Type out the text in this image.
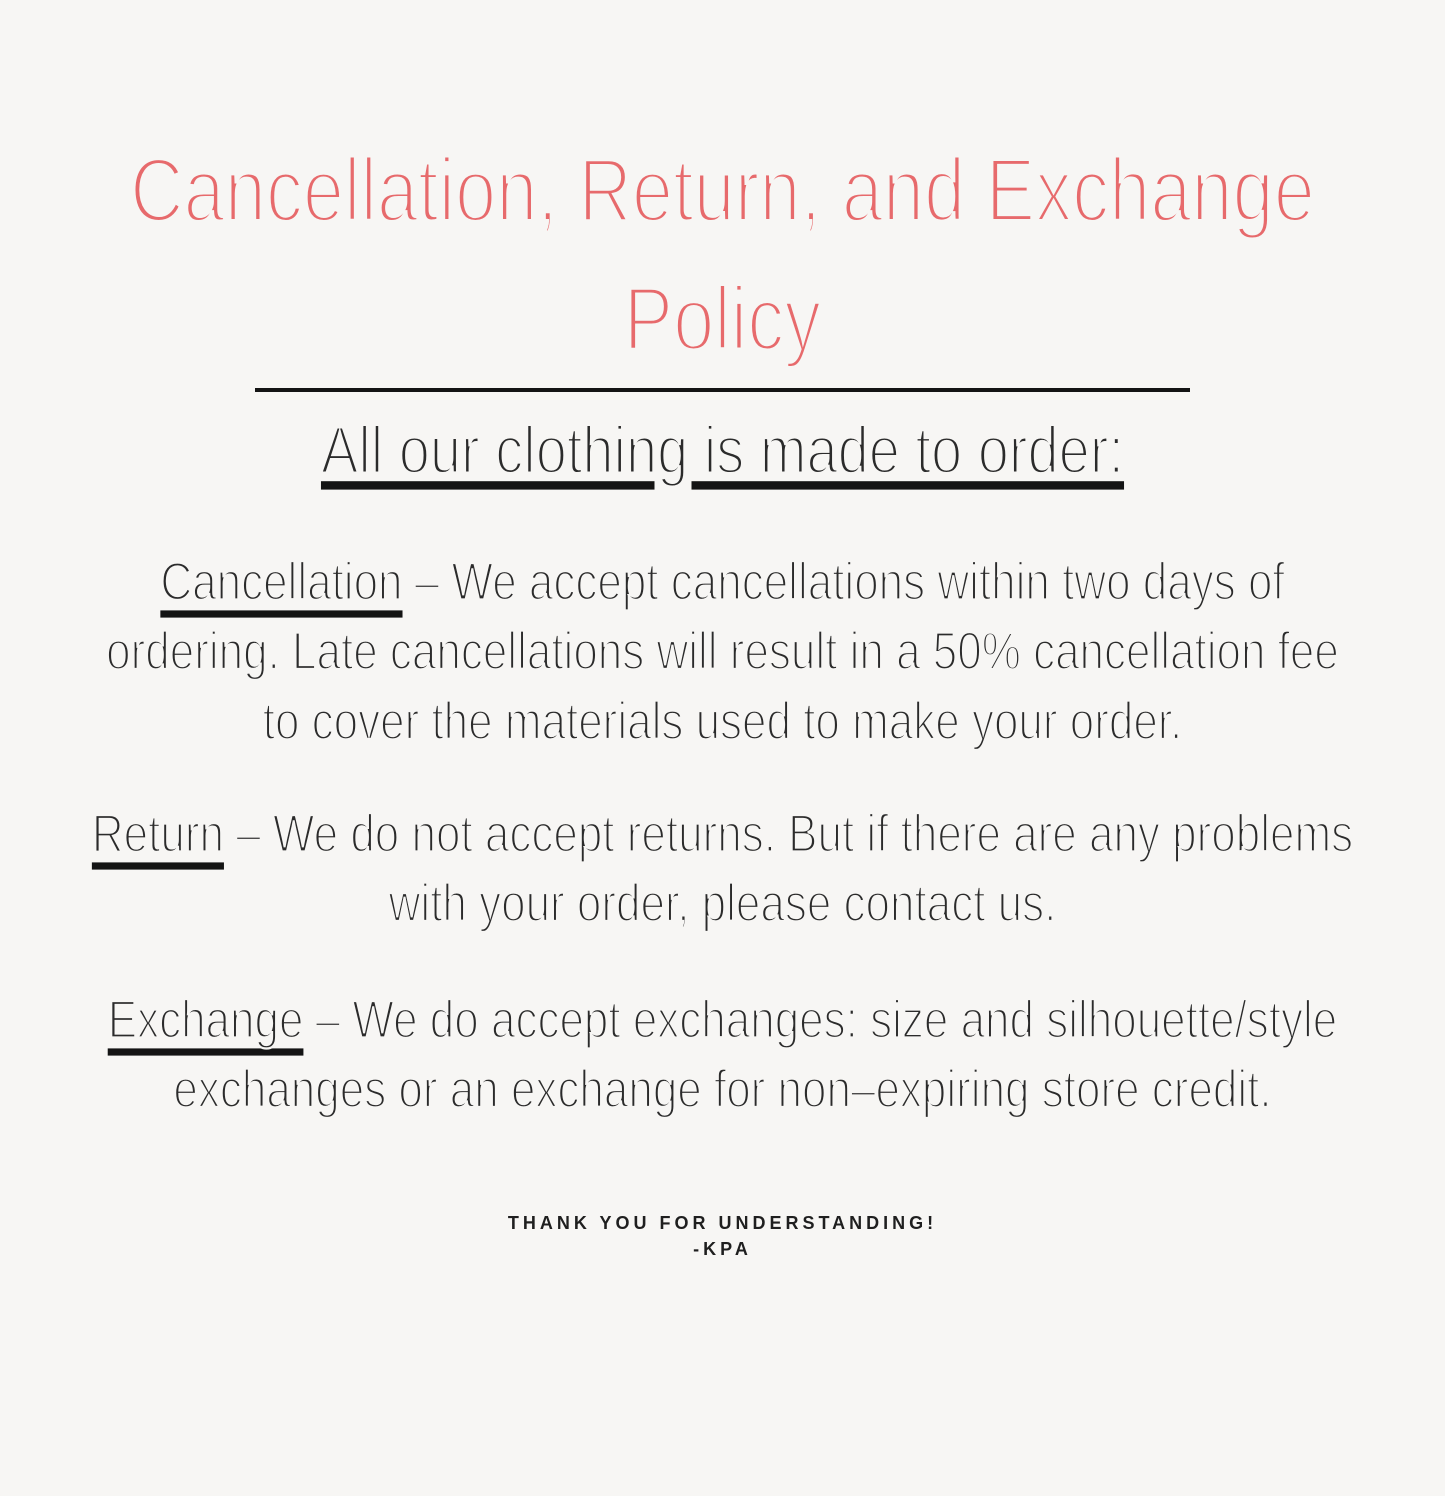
Cancellation, Return, and Exchange
Policy
All our clothing is made to order:

Cancellation – We accept cancellations within two days of ordering. Late cancellations will result in a 50% cancellation fee to cover the materials used to make your order.

Return – We do not accept returns. But if there are any problems with your order, please contact us.

Exchange – We do accept exchanges: size and silhouette/style exchanges or an exchange for non–expiring store credit.

THANK YOU FOR UNDERSTANDING!
-KPA
